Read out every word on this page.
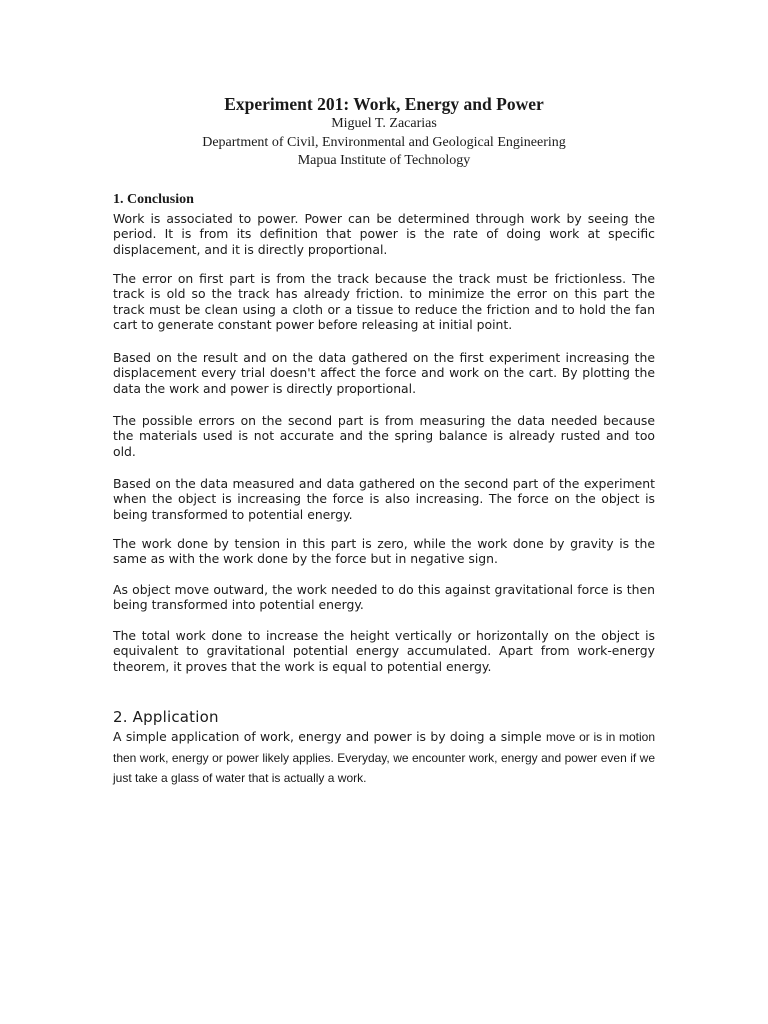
Experiment 201: Work, Energy and Power

Miguel T. Zacarias

Department of Civil, Environmental and Geological Engineering

Mapua Institute of Technology

1. Conclusion

Work is associated to power. Power can be determined through work by seeing the period. It is from its definition that power is the rate of doing work at specific displacement, and it is directly proportional.

The error on first part is from the track because the track must be frictionless. The track is old so the track has already friction. to minimize the error on this part the track must be clean using a cloth or a tissue to reduce the friction and to hold the fan cart to generate constant power before releasing at initial point.

Based on the result and on the data gathered on the first experiment increasing the displacement every trial doesn't affect the force and work on the cart. By plotting the data the work and power is directly proportional.

The possible errors on the second part is from measuring the data needed because the materials used is not accurate and the spring balance is already rusted and too old.

Based on the data measured and data gathered on the second part of the experiment when the object is increasing the force is also increasing. The force on the object is being transformed to potential energy.

The work done by tension in this part is zero, while the work done by gravity is the same as with the work done by the force but in negative sign.

As object move outward, the work needed to do this against gravitational force is then being transformed into potential energy.

The total work done to increase the height vertically or horizontally on the object is equivalent to gravitational potential energy accumulated. Apart from work-energy theorem, it proves that the work is equal to potential energy.

2. Application

A simple application of work, energy and power is by doing a simple move or is in motion then work, energy or power likely applies. Everyday, we encounter work, energy and power even if we just take a glass of water that is actually a work.
